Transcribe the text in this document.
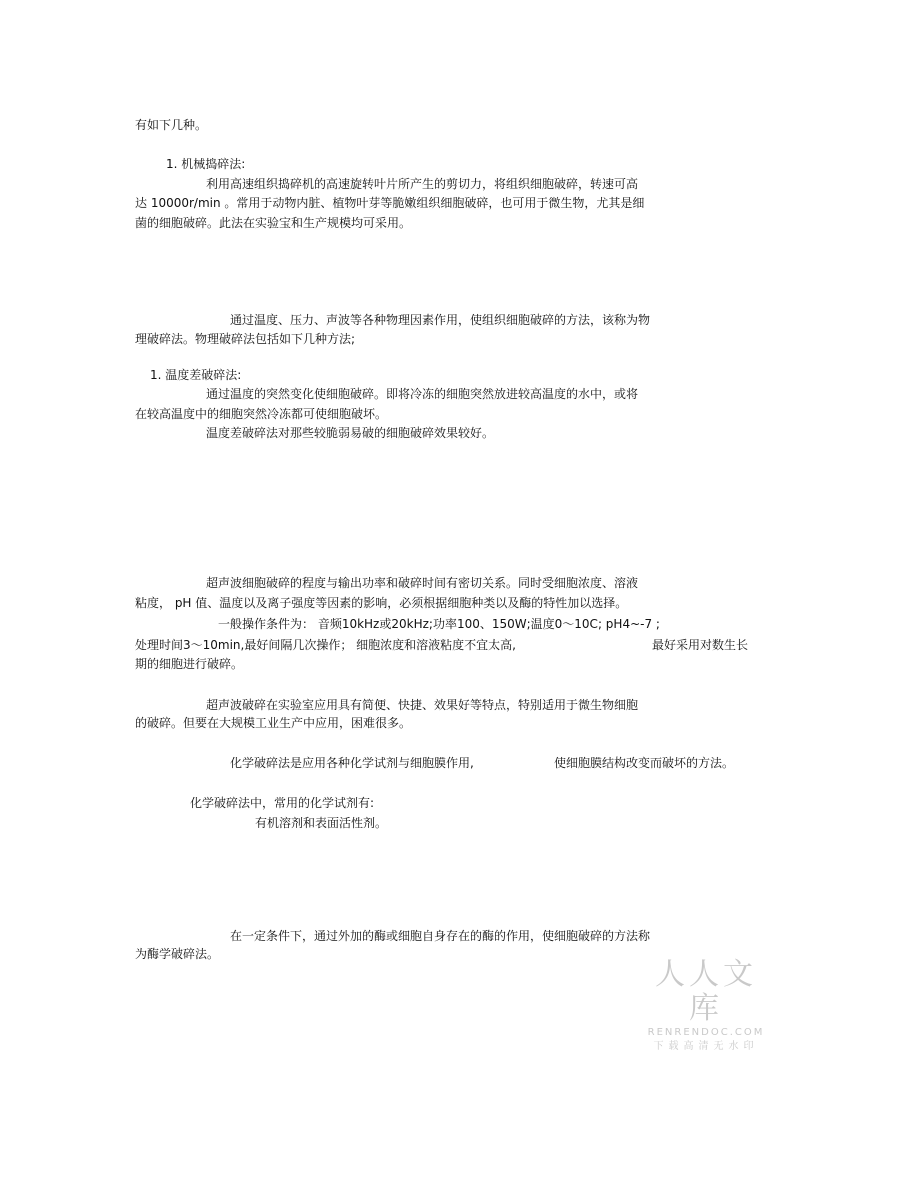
有如下几种。

1. 机械捣碎法:

利用高速组织捣碎机的高速旋转叶片所产生的剪切力，将组织细胞破碎，转速可高

达 10000r/min 。常用于动物内脏、植物叶芽等脆嫩组织细胞破碎，也可用于微生物，尤其是细

菌的细胞破碎。此法在实验宝和生产规模均可采用。

通过温度、压力、声波等各种物理因素作用，使组织细胞破碎的方法，该称为物

理破碎法。物理破碎法包括如下几种方法;

1. 温度差破碎法:

通过温度的突然变化使细胞破碎。即将冷冻的细胞突然放进较高温度的水中，或将

在较高温度中的细胞突然冷冻都可使细胞破坏。

温度差破碎法对那些较脆弱易破的细胞破碎效果较好。

超声波细胞破碎的程度与输出功率和破碎时间有密切关系。同时受细胞浓度、溶液

粘度， pH 值、温度以及离子强度等因素的影响，必须根据细胞种类以及酶的特性加以选择。

一般操作条件为： 音频10kHz或20kHz;功率100、150W;温度0〜10C; pH4~-7 ;

处理时间3〜10min,最好间隔几次操作； 细胞浓度和溶液粘度不宜太高,	最好采用对数生长

期的细胞进行破碎。

超声波破碎在实验室应用具有简便、快捷、效果好等特点，特别适用于微生物细胞

的破碎。但要在大规模工业生产中应用，困难很多。

化学破碎法是应用各种化学试剂与细胞膜作用,	使细胞膜结构改变而破坏的方法。

化学破碎法中，常用的化学试剂有:

有机溶剂和表面活性剂。

在一定条件下，通过外加的酶或细胞自身存在的酶的作用，使细胞破碎的方法称

为酶学破碎法。

人人文库
RENRENDOC.COM
下载高清无水印
